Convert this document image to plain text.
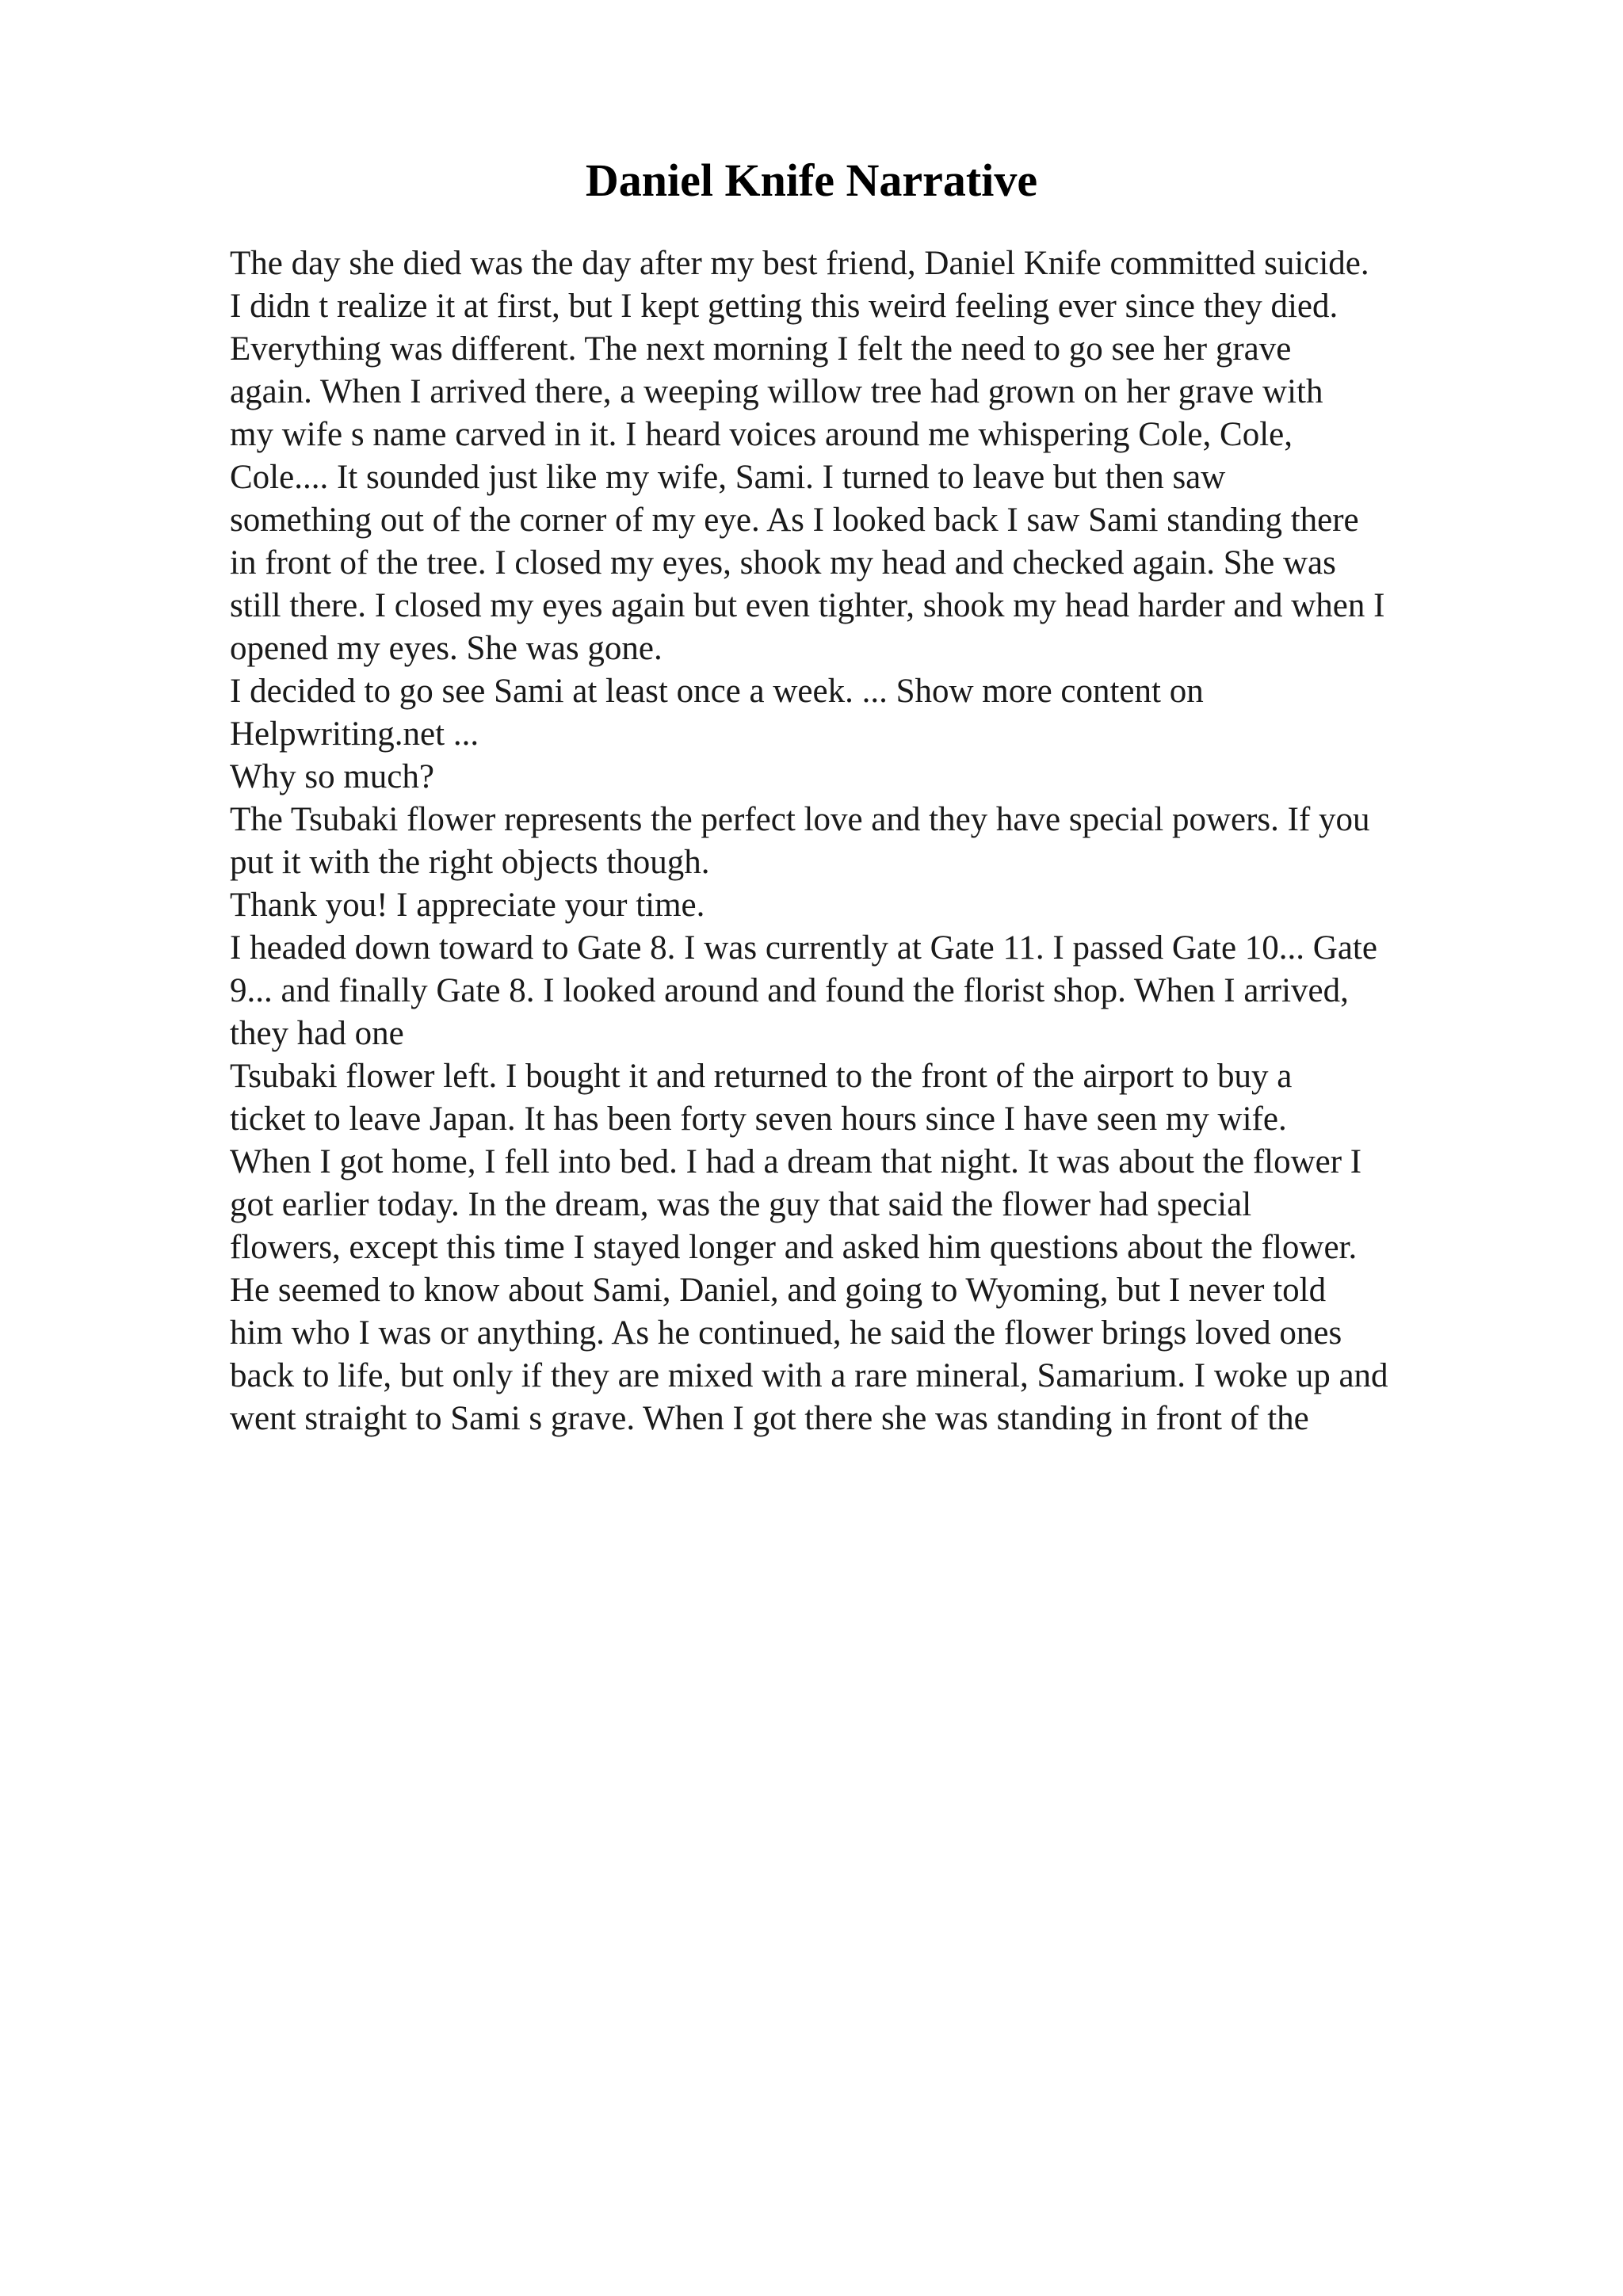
Daniel Knife Narrative
The day she died was the day after my best friend, Daniel Knife committed suicide.
I didn t realize it at first, but I kept getting this weird feeling ever since they died.
Everything was different. The next morning I felt the need to go see her grave
again. When I arrived there, a weeping willow tree had grown on her grave with
my wife s name carved in it. I heard voices around me whispering Cole, Cole,
Cole.... It sounded just like my wife, Sami. I turned to leave but then saw
something out of the corner of my eye. As I looked back I saw Sami standing there
in front of the tree. I closed my eyes, shook my head and checked again. She was
still there. I closed my eyes again but even tighter, shook my head harder and when I
opened my eyes. She was gone.
I decided to go see Sami at least once a week. ... Show more content on
Helpwriting.net ...
Why so much?
The Tsubaki flower represents the perfect love and they have special powers. If you
put it with the right objects though.
Thank you! I appreciate your time.
I headed down toward to Gate 8. I was currently at Gate 11. I passed Gate 10... Gate
9... and finally Gate 8. I looked around and found the florist shop. When I arrived,
they had one
Tsubaki flower left. I bought it and returned to the front of the airport to buy a
ticket to leave Japan. It has been forty seven hours since I have seen my wife.
When I got home, I fell into bed. I had a dream that night. It was about the flower I
got earlier today. In the dream, was the guy that said the flower had special
flowers, except this time I stayed longer and asked him questions about the flower.
He seemed to know about Sami, Daniel, and going to Wyoming, but I never told
him who I was or anything. As he continued, he said the flower brings loved ones
back to life, but only if they are mixed with a rare mineral, Samarium. I woke up and
went straight to Sami s grave. When I got there she was standing in front of the
